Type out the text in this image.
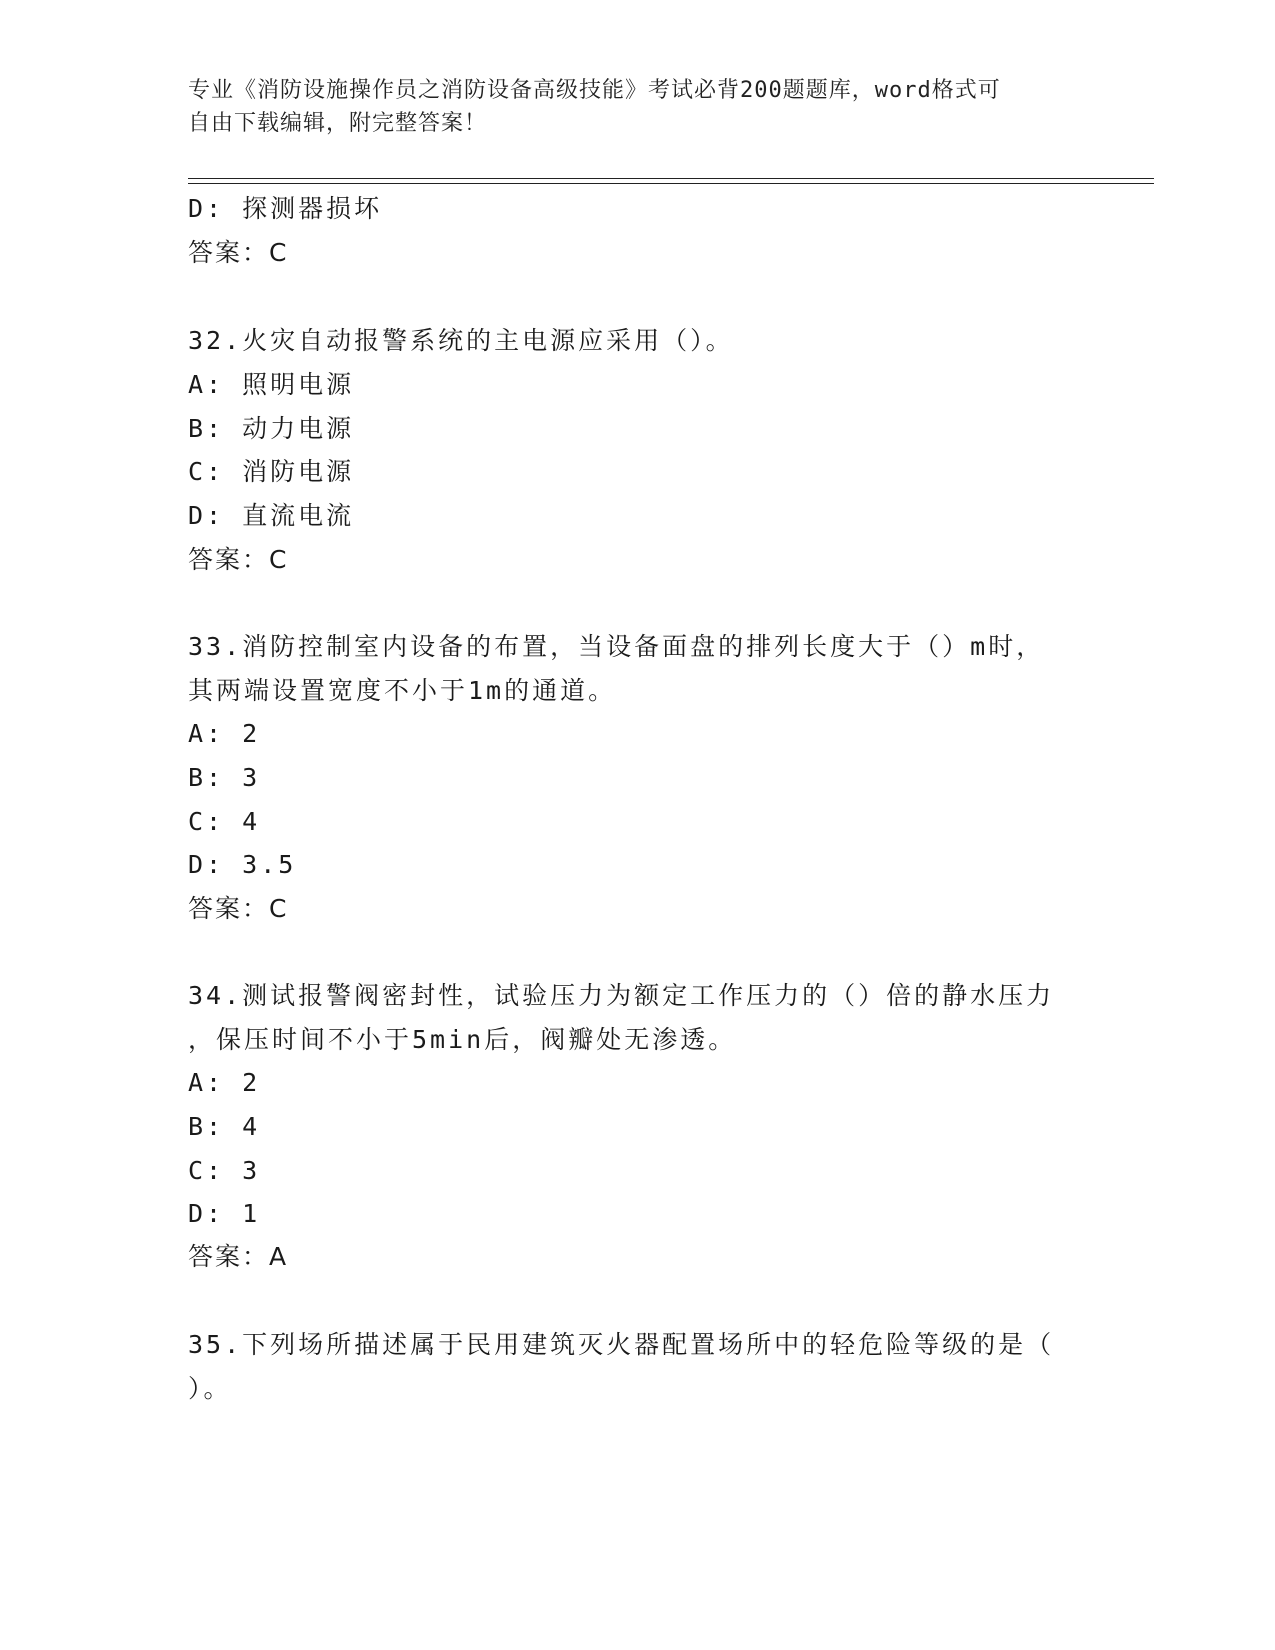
专业《消防设施操作员之消防设备高级技能》考试必背200题题库，word格式可
自由下载编辑，附完整答案！
D: 探测器损坏
答案：C
32.火灾自动报警系统的主电源应采用（）。
A: 照明电源
B: 动力电源
C: 消防电源
D: 直流电流
答案：C
33.消防控制室内设备的布置，当设备面盘的排列长度大于（）m时，
其两端设置宽度不小于1m的通道。
A: 2
B: 3
C: 4
D: 3.5
答案：C
34.测试报警阀密封性，试验压力为额定工作压力的（）倍的静水压力
，保压时间不小于5min后，阀瓣处无渗透。
A: 2
B: 4
C: 3
D: 1
答案：A
35.下列场所描述属于民用建筑灭火器配置场所中的轻危险等级的是（
）。
